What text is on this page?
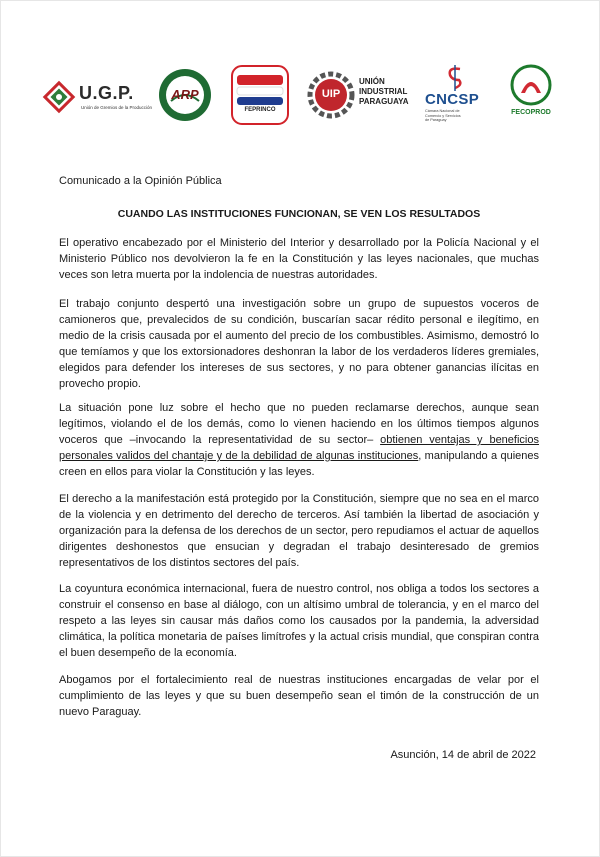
U.G.P.
Unión de Gremios de la Producción
ARP
FEPRINCO
UIP
UNIÓN
INDUSTRIAL
PARAGUAYA CNCSP
Cámara Nacional de Comercio y Servicios de Paraguay
FECOPROD

Comunicado a la Opinión Pública

CUANDO LAS INSTITUCIONES FUNCIONAN, SE VEN LOS RESULTADOS

El operativo encabezado por el Ministerio del Interior y desarrollado por la Policía Nacional y el Ministerio Público nos devolvieron la fe en la Constitución y las leyes nacionales, que muchas veces son letra muerta por la indolencia de nuestras autoridades.

El trabajo conjunto despertó una investigación sobre un grupo de supuestos voceros de camioneros que, prevalecidos de su condición, buscarían sacar rédito personal e ilegítimo, en medio de la crisis causada por el aumento del precio de los combustibles. Asimismo, demostró lo que temíamos y que los extorsionadores deshonran la labor de los verdaderos líderes gremiales, elegidos para defender los intereses de sus sectores, y no para obtener ganancias ilícitas en provecho propio.

La situación pone luz sobre el hecho que no pueden reclamarse derechos, aunque sean legítimos, violando el de los demás, como lo vienen haciendo en los últimos tiempos algunos voceros que –invocando la representatividad de su sector– obtienen ventajas y beneficios personales validos del chantaje y de la debilidad de algunas instituciones, manipulando a quienes creen en ellos para violar la Constitución y las leyes.

El derecho a la manifestación está protegido por la Constitución, siempre que no sea en el marco de la violencia y en detrimento del derecho de terceros. Así también la libertad de asociación y organización para la defensa de los derechos de un sector, pero repudiamos el actuar de aquellos dirigentes deshonestos que ensucian y degradan el trabajo desinteresado de gremios representativos de los distintos sectores del país.

La coyuntura económica internacional, fuera de nuestro control, nos obliga a todos los sectores a construir el consenso en base al diálogo, con un altísimo umbral de tolerancia, y en el marco del respeto a las leyes sin causar más daños como los causados por la pandemia, la adversidad climática, la política monetaria de países limítrofes y la actual crisis mundial, que conspiran contra el buen desempeño de la economía.

Abogamos por el fortalecimiento real de nuestras instituciones encargadas de velar por el cumplimiento de las leyes y que su buen desempeño sean el timón de la construcción de un nuevo Paraguay.

Asunción, 14 de abril de 2022
